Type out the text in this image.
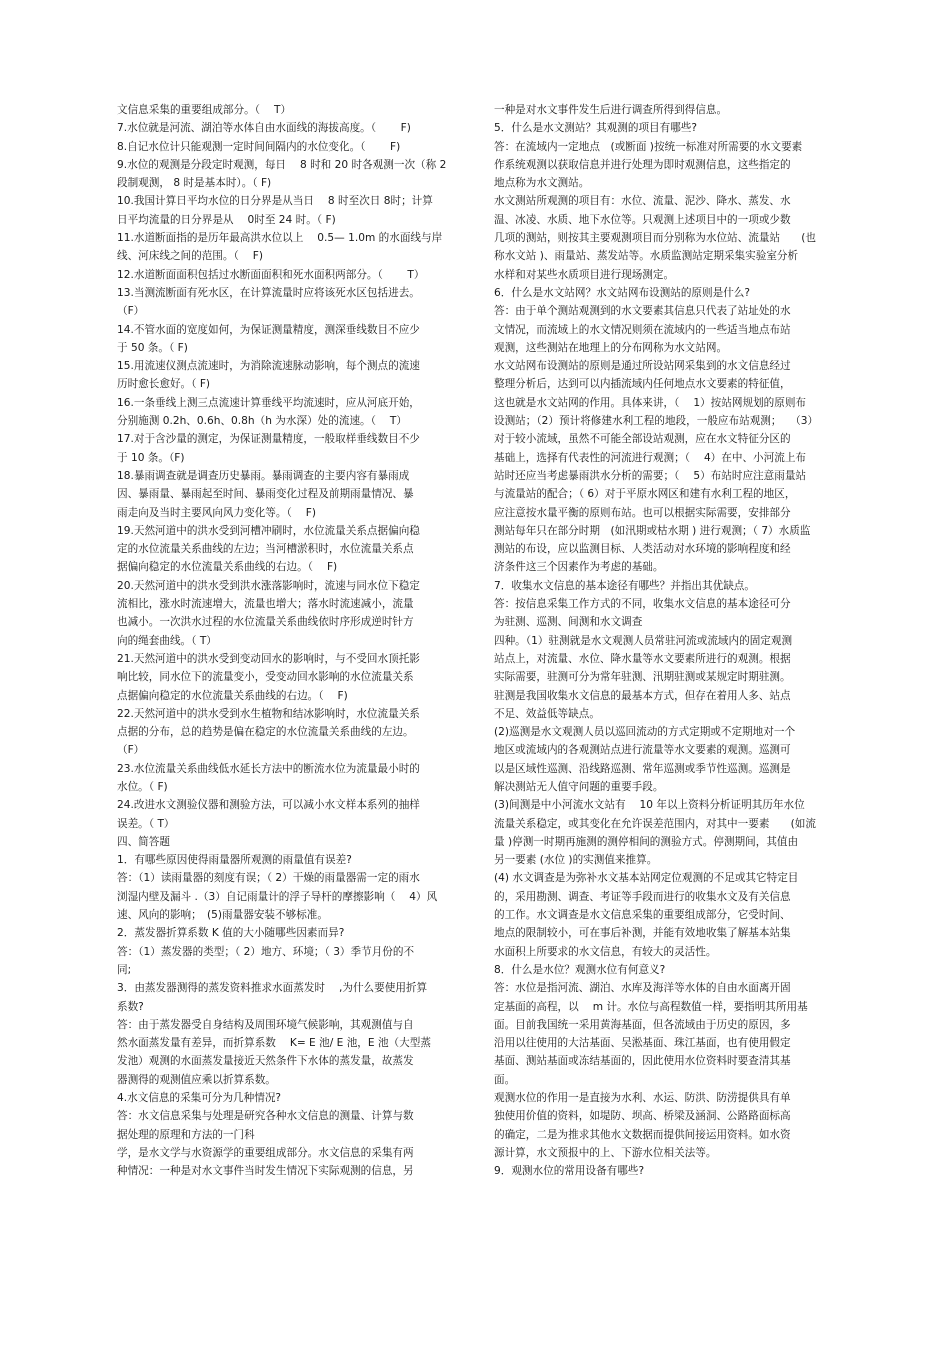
文信息采集的重要组成部分。（　 T）
7.水位就是河流、湖泊等水体自由水面线的海拔高度。（　 　F)
8.自记水位计只能观测一定时间间隔内的水位变化。（　 　F)
9.水位的观测是分段定时观测，每日　 8 时和 20 时各观测一次（称 2
段制观测， 8 时是基本时）。（ F)
10.我国计算日平均水位的日分界是从当日　 8 时至次日 8时；计算
日平均流量的日分界是从　 0时至 24 时。（ F)
11.水道断面指的是历年最高洪水位以上　 0.5— 1.0m 的水面线与岸
线、河床线之间的范围。（　 F)
12.水道断面面积包括过水断面面积和死水面积两部分。（　 　T）
13.当测流断面有死水区，在计算流量时应将该死水区包括进去。
（F）
14.不管水面的宽度如何，为保证测量精度，测深垂线数目不应少
于 50 条。（ F)
15.用流速仪测点流速时，为消除流速脉动影响，每个测点的流速
历时愈长愈好。（ F)
16.一条垂线上测三点流速计算垂线平均流速时，应从河底开始，
分别施测 0.2h、0.6h、0.8h（h 为水深）处的流速。（　 T）
17.对于含沙量的测定，为保证测量精度，一般取样垂线数目不少
于 10 条。（F)
18.暴雨调查就是调查历史暴雨。暴雨调查的主要内容有暴雨成
因、暴雨量、暴雨起至时间、暴雨变化过程及前期雨量情况、暴
雨走向及当时主要风向风力变化等。（　 F)
19.天然河道中的洪水受到河槽冲刷时，水位流量关系点据偏向稳
定的水位流量关系曲线的左边；当河槽淤积时，水位流量关系点
据偏向稳定的水位流量关系曲线的右边。（　 F)
20.天然河道中的洪水受到洪水涨落影响时，流速与同水位下稳定
流相比，涨水时流速增大，流量也增大；落水时流速减小，流量
也减小。一次洪水过程的水位流量关系曲线依时序形成逆时针方
向的绳套曲线。（ T）
21.天然河道中的洪水受到变动回水的影响时，与不受回水顶托影
响比较，同水位下的流量变小，受变动回水影响的水位流量关系
点据偏向稳定的水位流量关系曲线的右边。（　 F)
22.天然河道中的洪水受到水生植物和结冰影响时，水位流量关系
点据的分布，总的趋势是偏在稳定的水位流量关系曲线的左边。
（F）
23.水位流量关系曲线低水延长方法中的断流水位为流量最小时的
水位。（ F)
24.改进水文测验仪器和测验方法，可以减小水文样本系列的抽样
误差。（ T）
四、简答题
1．有哪些原因使得雨量器所观测的雨量值有误差?
答：（1）读雨量器的刻度有误；（ 2）干燥的雨量器需一定的雨水
浏湿内壁及漏斗 .（3）自记雨量计的浮子导杆的摩擦影响（　 4）风
速、风向的影响；　(5)雨量器安装不够标准。
2．蒸发器折算系数 K 值的大小随哪些因素而异?
答：（1）蒸发器的类型；（ 2）地方、环境；（ 3）季节月份的不
同;
3．由蒸发器测得的蒸发资料推求水面蒸发时　 ,为什么要使用折算
系数?
答：由于蒸发器受自身结构及周围环境气候影响，其观测值与自
然水面蒸发量有差异，而折算系数　 K= E 池/ E 池，E 池（大型蒸
发池）观测的水面蒸发量接近天然条件下水体的蒸发量，故蒸发
器测得的观测值应乘以折算系数。
4.水文信息的采集可分为几种情况?
答：水文信息采集与处理是研究各种水文信息的测量、计算与数
据处理的原理和方法的一门科
学，是水文学与水资源学的重要组成部分。水文信息的采集有两
种情况：一种是对水文事件当时发生情况下实际观测的信息，另
一种是对水文事件发生后进行调查所得到得信息。
5．什么是水文测站？其观测的项目有哪些?
答：在流域内一定地点　(或断面 )按统一标准对所需要的水文要素
作系统观测以获取信息并进行处理为即时观测信息，这些指定的
地点称为水文测站。
水文测站所观测的项目有：水位、流量、泥沙、降水、蒸发、水
温、冰凌、水质、地下水位等。只观测上述项目中的一项或少数
几项的测站，则按其主要观测项目而分别称为水位站、流量站　　(也
称水文站 )、雨量站、蒸发站等。水质监测站定期采集实验室分析
水样和对某些水质项目进行现场测定。
6．什么是水文站网？水文站网布设测站的原则是什么?
答：由于单个测站观测到的水文要素其信息只代表了站址处的水
文情况，而流域上的水文情况则须在流域内的一些适当地点布站
观测，这些测站在地理上的分布网称为水文站网。
水文站网布设测站的原则是通过所设站网采集到的水文信息经过
整理分析后，达到可以内插流域内任何地点水文要素的特征值，
这也就是水文站网的作用。具体来讲，（　 1）按站网规划的原则布
设测站；（2）预计将修建水利工程的地段，一般应布站观测；　 （3）
对于较小流域，虽然不可能全部设站观测，应在水文特征分区的
基础上，选择有代表性的河流进行观测；（　 4）在中、小河流上布
站时还应当考虑暴雨洪水分析的需要；（　 5）布站时应注意雨量站
与流量站的配合；（ 6）对于平原水网区和建有水利工程的地区，
应注意按水量平衡的原则布站。也可以根据实际需要，安排部分
测站每年只在部分时期　(如汛期或枯水期 ) 进行观测；（ 7）水质监
测站的布设，应以监测目标、人类活动对水环境的影响程度和经
济条件这三个因素作为考虑的基础。
7．收集水文信息的基本途径有哪些？并指出其优缺点。
答：按信息采集工作方式的不同，收集水文信息的基本途径可分
为驻测、巡测、间测和水文调查
四种。（1）驻测就是水文观测人员常驻河流或流域内的固定观测
站点上，对流量、水位、降水量等水文要素所进行的观测。根据
实际需要，驻测可分为常年驻测、汛期驻测或某规定时期驻测。
驻测是我国收集水文信息的最基本方式，但存在着用人多、站点
不足、效益低等缺点。
(2)巡测是水文观测人员以巡回流动的方式定期或不定期地对一个
地区或流域内的各观测站点进行流量等水文要素的观测。巡测可
以是区域性巡测、沿线路巡测、常年巡测或季节性巡测。巡测是
解决测站无人值守问题的重要手段。
(3)间测是中小河流水文站有　 10 年以上资料分析证明其历年水位
流量关系稳定，或其变化在允许误差范围内，对其中一要素　　(如流
量 )停测一时期再施测的测停相间的测验方式。停测期间，其值由
另一要素 (水位 )的实测值来推算。
(4) 水文调查是为弥补水文基本站网定位观测的不足或其它特定目
的，采用勘测、调查、考证等手段而进行的收集水文及有关信息
的工作。水文调查是水文信息采集的重要组成部分，它受时间、
地点的限制较小，可在事后补测，并能有效地收集了解基本站集
水面积上所要求的水文信息，有较大的灵活性。
8．什么是水位？观测水位有何意义?
答：水位是指河流、湖泊、水库及海洋等水体的自由水面离开固
定基面的高程，以　 m 计。水位与高程数值一样，要指明其所用基
面。目前我国统一采用黄海基面，但各流域由于历史的原因，多
沿用以往使用的大沽基面、吴淞基面、珠江基面，也有使用假定
基面、测站基面或冻结基面的，因此使用水位资料时要查清其基
面。
观测水位的作用一是直接为水利、水运、防洪、防涝提供具有单
独使用价值的资料，如堤防、坝高、桥梁及涵洞、公路路面标高
的确定，二是为推求其他水文数据而提供间接运用资料。如水资
源计算，水文预报中的上、下游水位相关法等。
9．观测水位的常用设备有哪些?
